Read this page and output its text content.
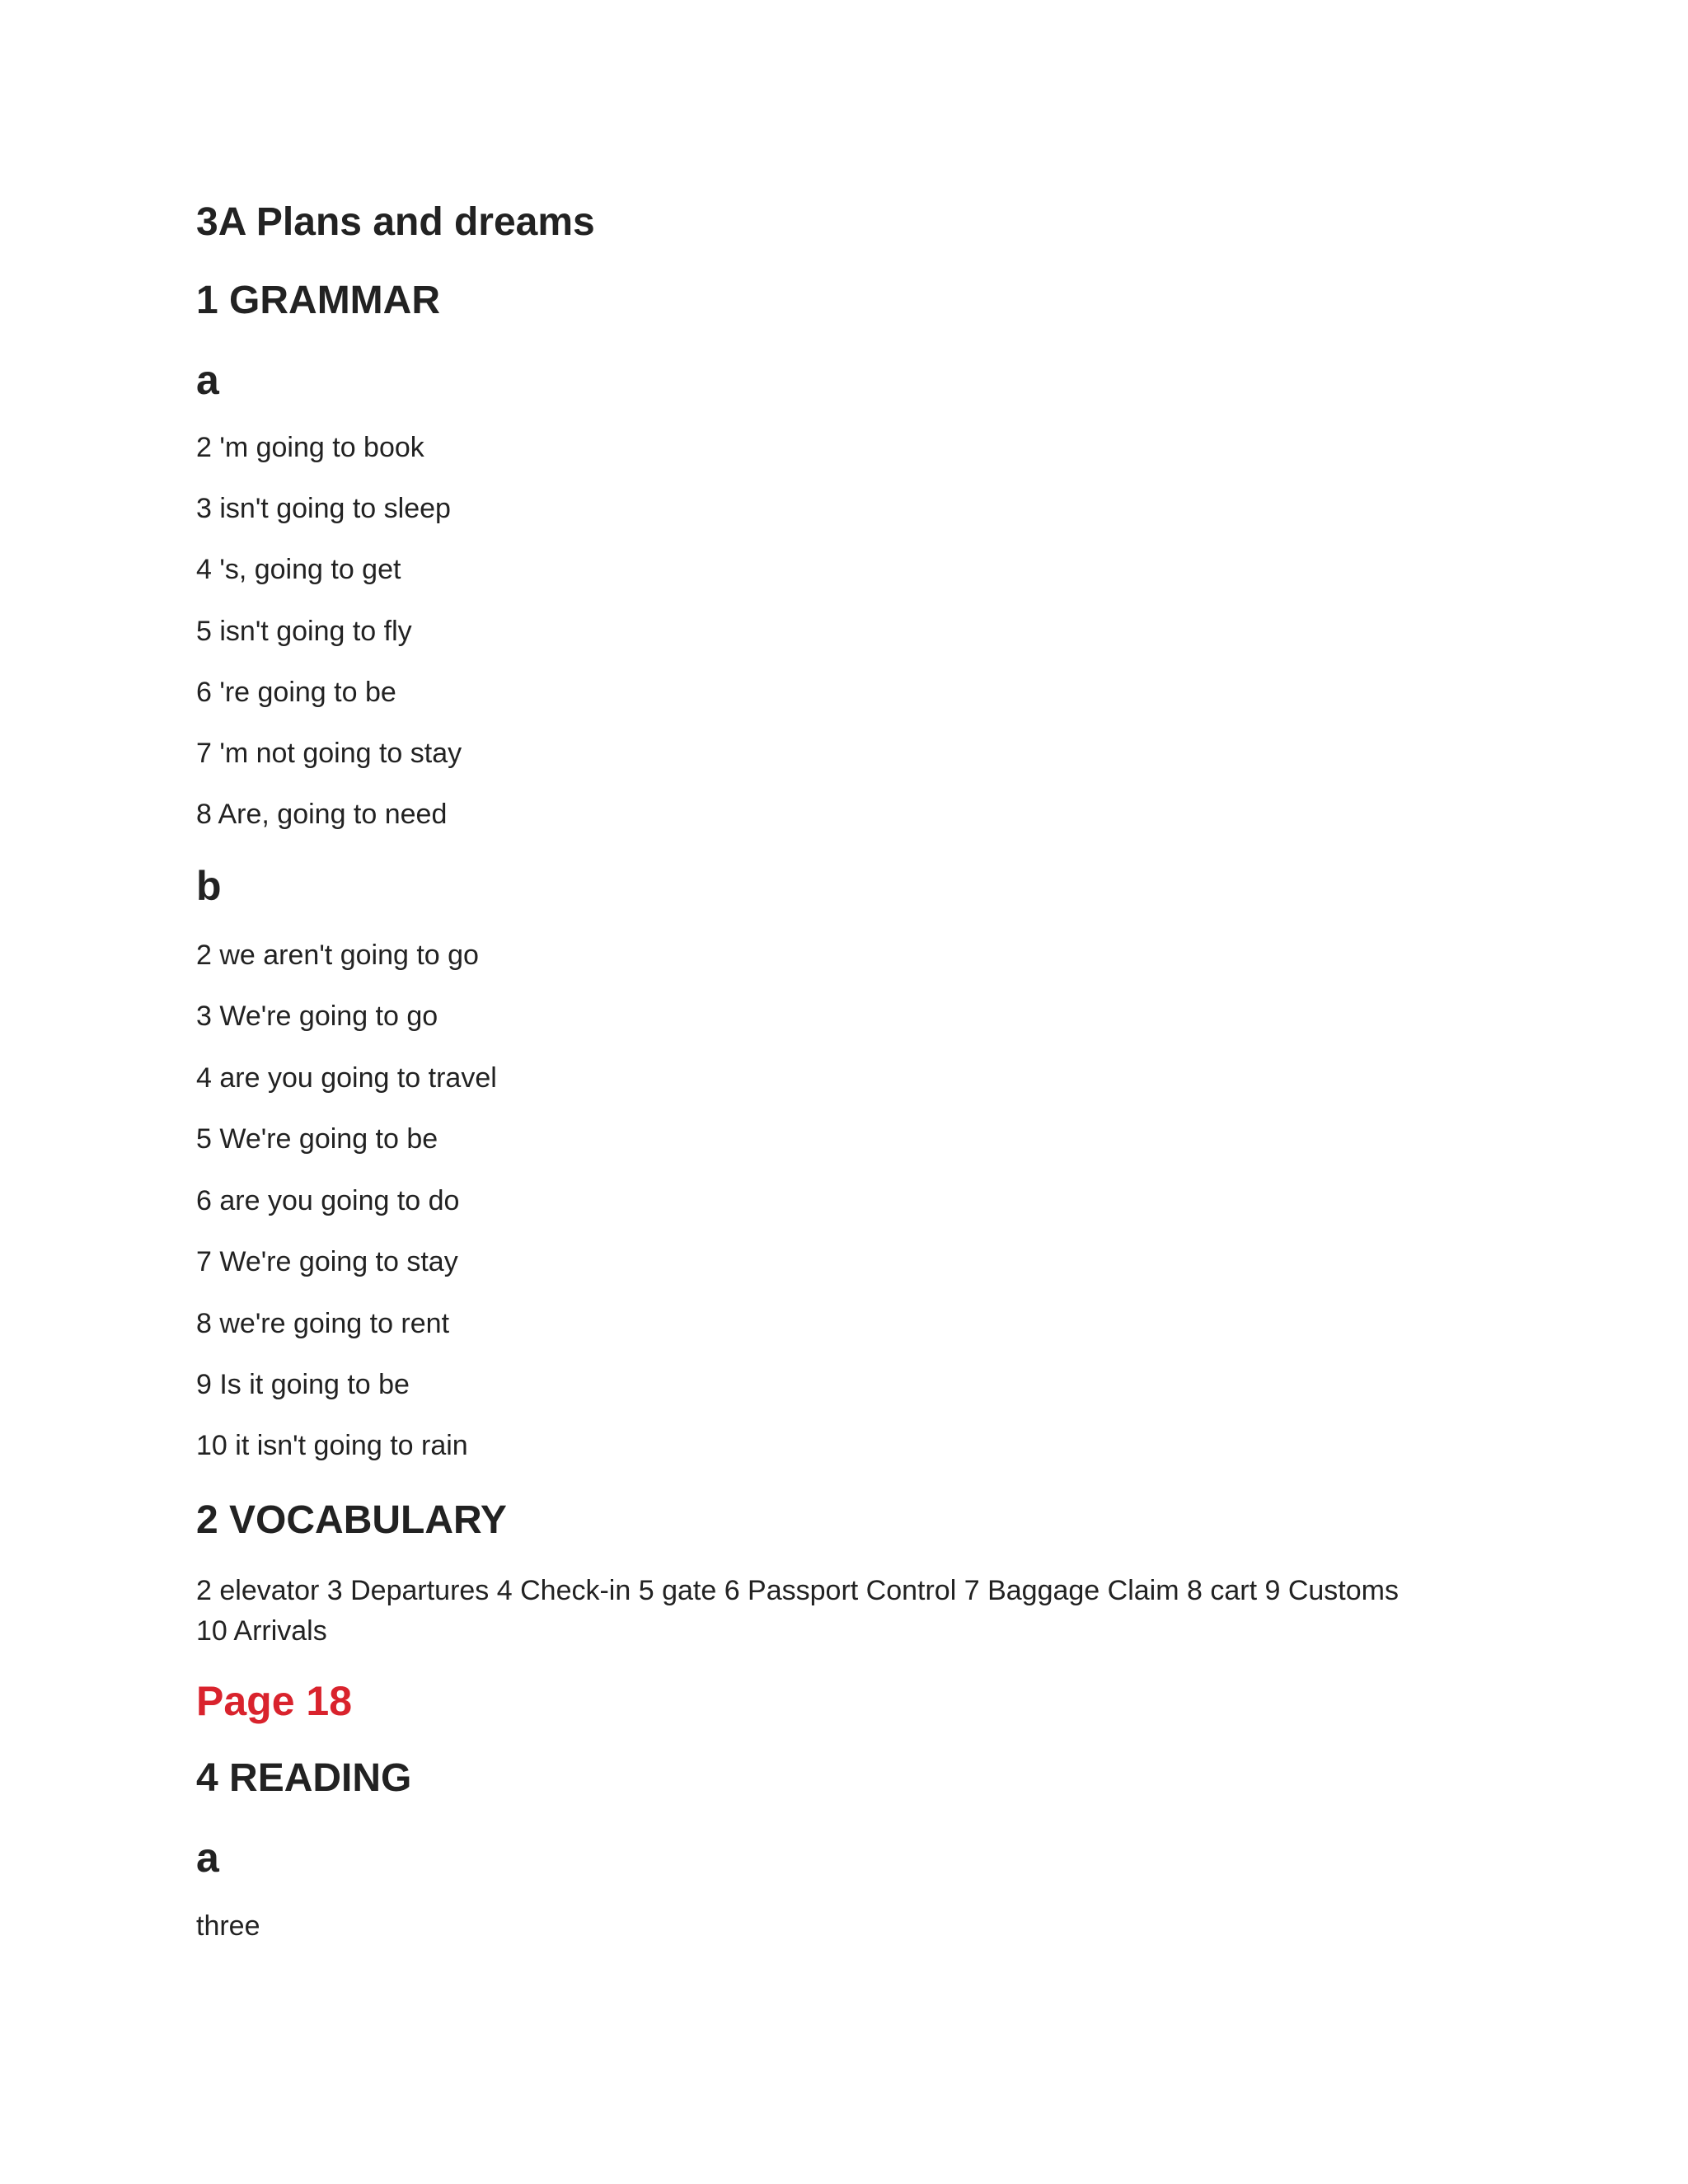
3A Plans and dreams
1 GRAMMAR
a
2 'm going to book
3 isn't going to sleep
4 's, going to get
5 isn't going to fly
6 're going to be
7 'm not going to stay
8 Are, going to need
b
2 we aren't going to go
3 We're going to go
4 are you going to travel
5 We're going to be
6 are you going to do
7 We're going to stay
8 we're going to rent
9 Is it going to be
10 it isn't going to rain
2 VOCABULARY
2 elevator 3 Departures 4 Check-in 5 gate 6 Passport Control 7 Baggage Claim 8 cart 9 Customs 10 Arrivals
Page 18
4 READING
a
three
